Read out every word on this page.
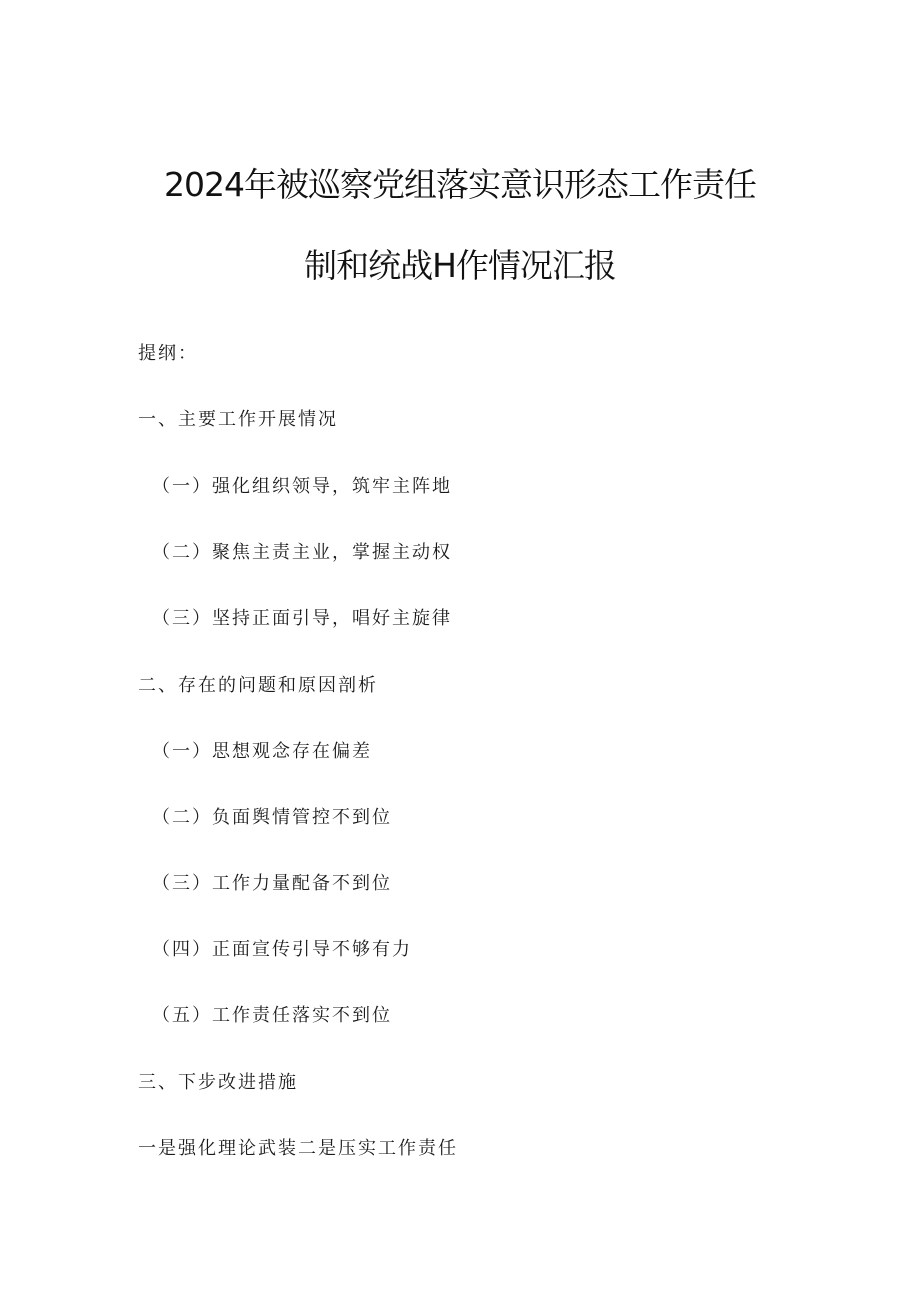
2024年被巡察党组落实意识形态工作责任
制和统战H作情况汇报
提纲：
一、主要工作开展情况
（一）强化组织领导，筑牢主阵地
（二）聚焦主责主业，掌握主动权
（三）坚持正面引导，唱好主旋律
二、存在的问题和原因剖析
（一）思想观念存在偏差
（二）负面舆情管控不到位
（三）工作力量配备不到位
（四）正面宣传引导不够有力
（五）工作责任落实不到位
三、下步改进措施
一是强化理论武装二是压实工作责任
